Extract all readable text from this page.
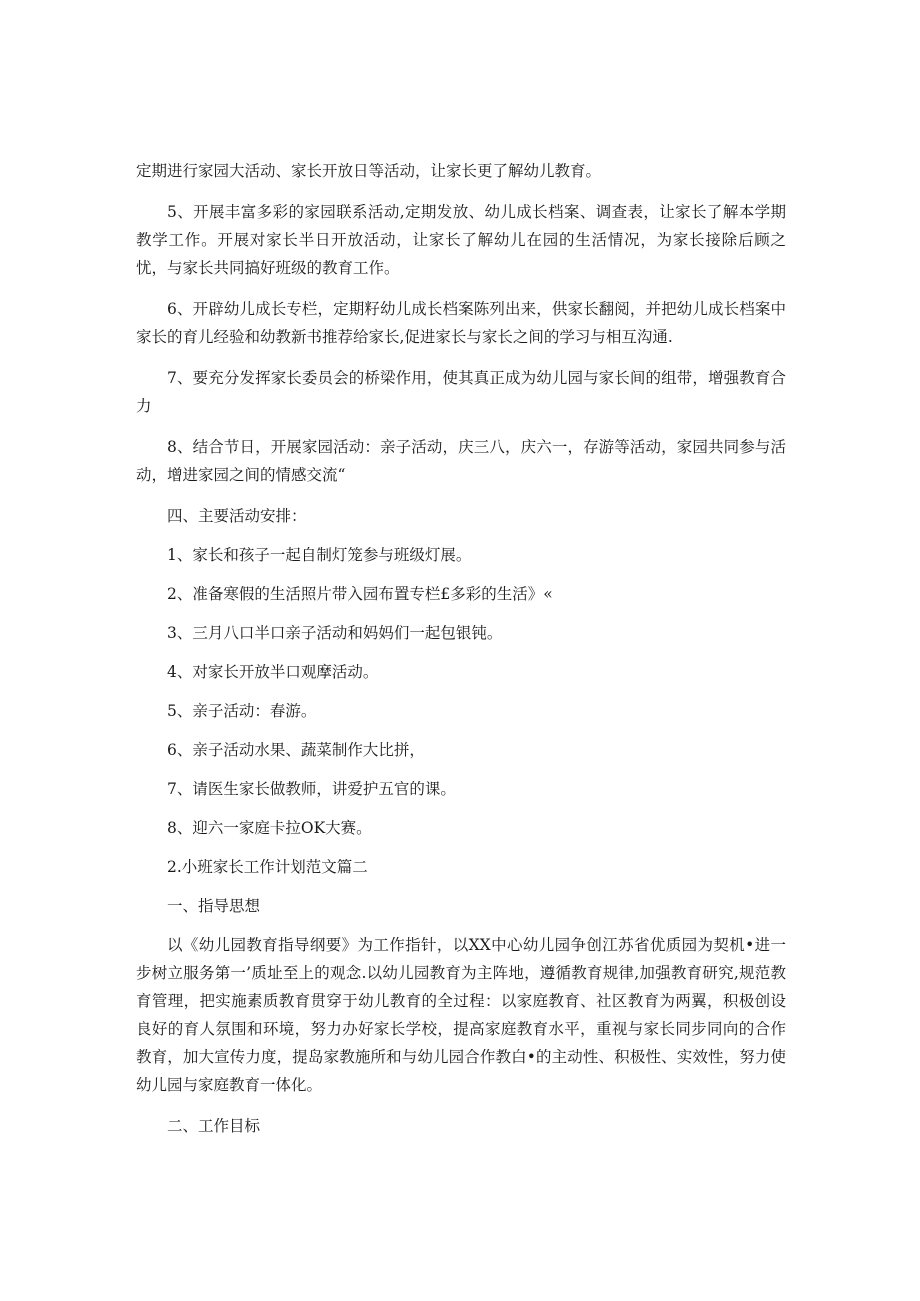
定期进行家园大活动、家长开放日等活动，让家长更了解幼儿教育。

5、开展丰富多彩的家园联系活动,定期发放、幼儿成长档案、调查表，让家长了解本学期教学工作。开展对家长半日开放活动，让家长了解幼儿在园的生活情况，为家长接除后顾之忧，与家长共同搞好班级的教育工作。

6、开辟幼儿成长专栏，定期籽幼儿成长档案陈列出来，供家长翻阅，并把幼儿成长档案中家长的育儿经验和幼教新书推荐给家长,促进家长与家长之间的学习与相互沟通.

7、要充分发挥家长委员会的桥梁作用，使其真正成为幼儿园与家长间的组带，增强教育合力

8、结合节日，开展家园活动：亲子活动，庆三八，庆六一，存游等活动，家园共同参与活动，增进家园之间的情感交流“

四、主要活动安排：

1、家长和孩子一起自制灯笼参与班级灯展。

2、准备寒假的生活照片带入园布置专栏£多彩的生活》«

3、三月八口半口亲子活动和妈妈们一起包银钝。

4、对家长开放半口观摩活动。

5、亲子活动：春游。

6、亲子活动水果、蔬菜制作大比拼，

7、请医生家长做教师，讲爱护五官的课。

8、迎六一家庭卡拉OK大赛。

2.小班家长工作计划范文篇二

一、指导思想

以《幼儿园教育指导纲要》为工作指针，以XX中心幼儿园争创江苏省优质园为契机•进一步树立服务第一’质址至上的观念.以幼儿园教育为主阵地，遵循教育规律,加强教育研究,规范教育管理，把实施素质教育贯穿于幼儿教育的全过程：以家庭教育、社区教育为两翼，积极创设良好的育人氛围和环境，努力办好家长学校，提高家庭教育水平，重视与家长同步同向的合作教育，加大宣传力度，提岛家教施所和与幼儿园合作教白•的主动性、积极性、实效性，努力使幼儿园与家庭教育一体化。

二、工作目标
